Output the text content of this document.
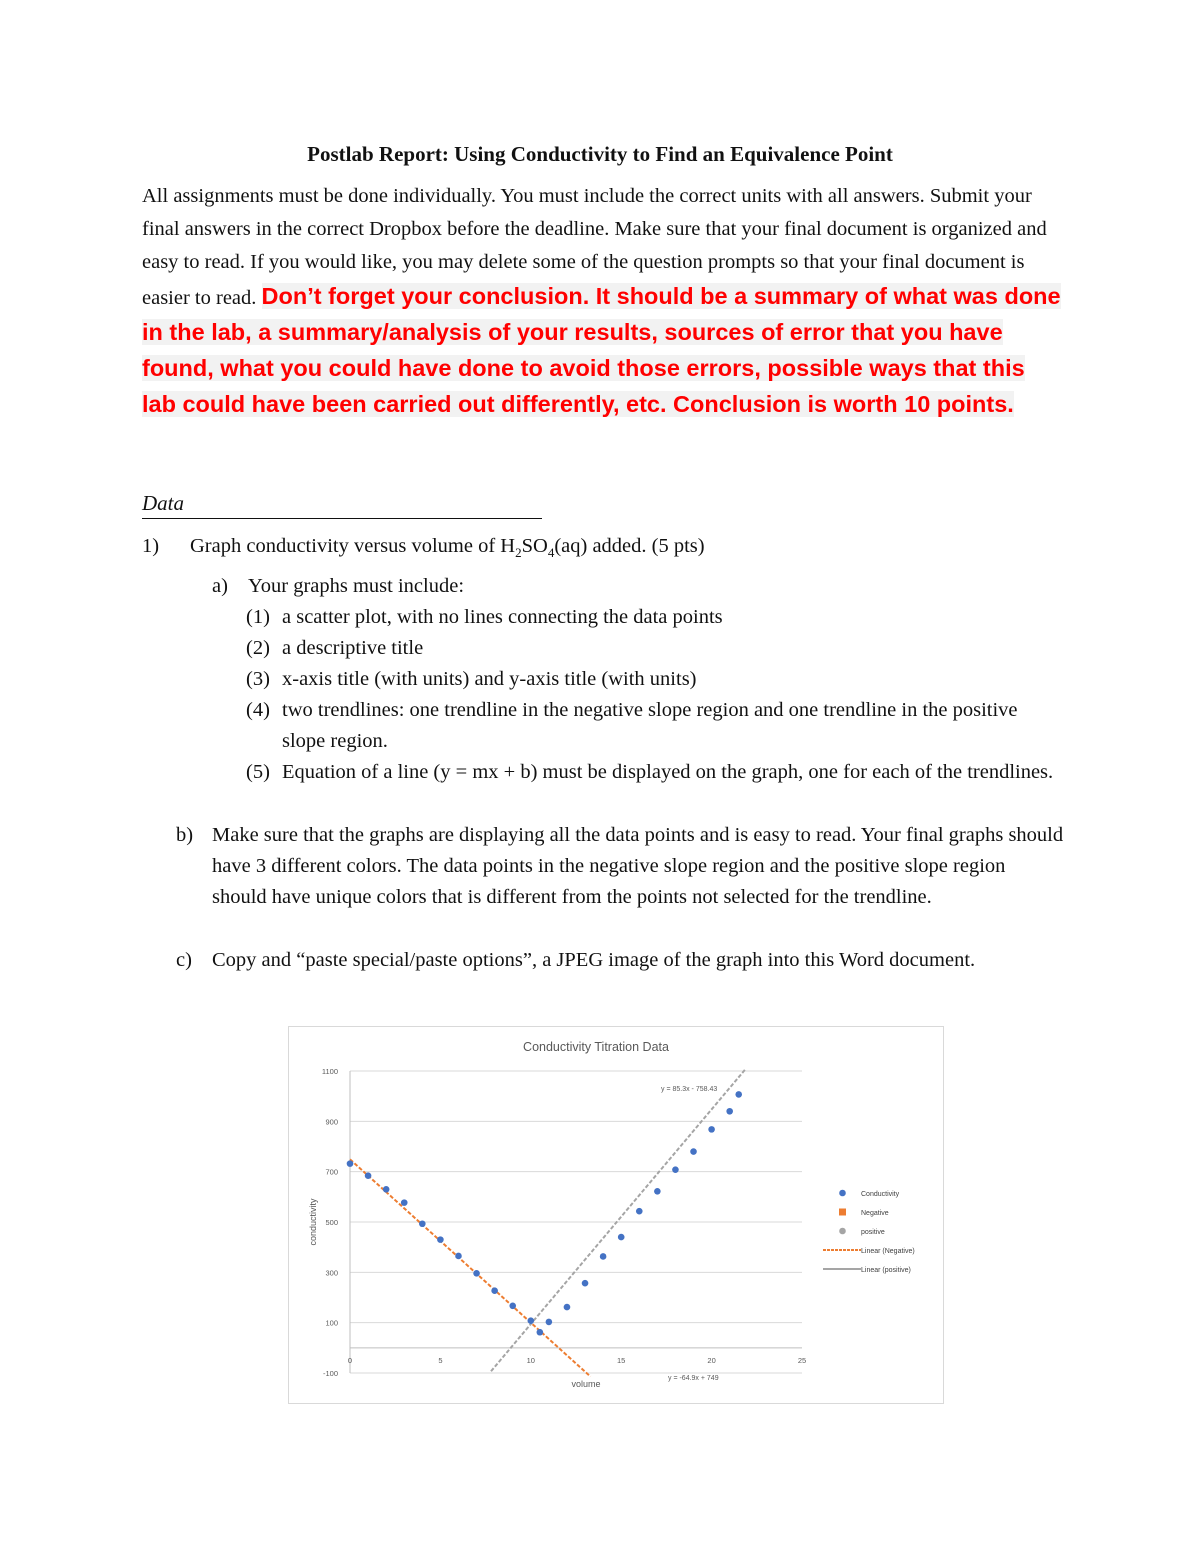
Postlab Report: Using Conductivity to Find an Equivalence Point
All assignments must be done individually. You must include the correct units with all answers. Submit your final answers in the correct Dropbox before the deadline. Make sure that your final document is organized and easy to read. If you would like, you may delete some of the question prompts so that your final document is easier to read. Don’t forget your conclusion. It should be a summary of what was done in the lab, a summary/analysis of your results, sources of error that you have found, what you could have done to avoid those errors, possible ways that this lab could have been carried out differently, etc. Conclusion is worth 10 points.
Data
1) Graph conductivity versus volume of $H_2SO_4(aq)$ added. (5 pts)
a) Your graphs must include:
(1) a scatter plot, with no lines connecting the data points
(2) a descriptive title
(3) x-axis title (with units) and y-axis title (with units)
(4) two trendlines: one trendline in the negative slope region and one trendline in the positive slope region.
(5) Equation of a line (y = mx + b) must be displayed on the graph, one for each of the trendlines.
b) Make sure that the graphs are displaying all the data points and is easy to read. Your final graphs should have 3 different colors. The data points in the negative slope region and the positive slope region should have unique colors that is different from the points not selected for the trendline.
c) Copy and “paste special/paste options”, a JPEG image of the graph into this Word document.
Conductivity Titration Data
-100
100
300
500
700
900
1100
0	5	10	15	20	25
volume
conductivity
y = 85.3x - 758.43
y = -64.9x + 749
Conductivity
Negative
positive
Linear (Negative)
Linear (positive)
